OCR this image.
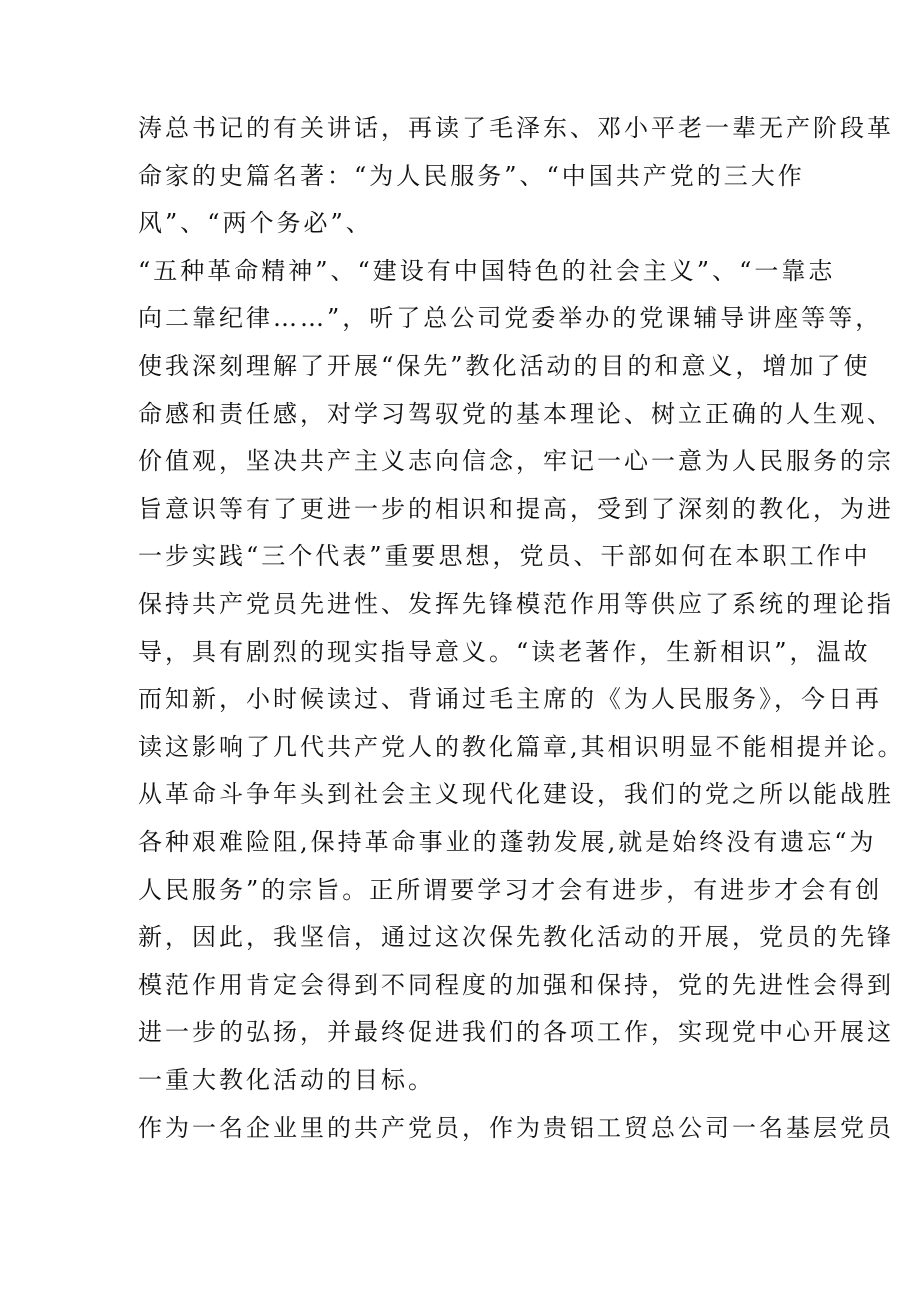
涛总书记的有关讲话，再读了毛泽东、邓小平老一辈无产阶段革
命家的史篇名著：“为人民服务”、“中国共产党的三大作
风”、“两个务必”、
“五种革命精神”、“建设有中国特色的社会主义”、“一靠志
向二靠纪律……”，听了总公司党委举办的党课辅导讲座等等，
使我深刻理解了开展“保先”教化活动的目的和意义，增加了使
命感和责任感，对学习驾驭党的基本理论、树立正确的人生观、
价值观，坚决共产主义志向信念，牢记一心一意为人民服务的宗
旨意识等有了更进一步的相识和提高，受到了深刻的教化，为进
一步实践“三个代表”重要思想，党员、干部如何在本职工作中
保持共产党员先进性、发挥先锋模范作用等供应了系统的理论指
导，具有剧烈的现实指导意义。“读老著作，生新相识”，温故
而知新，小时候读过、背诵过毛主席的《为人民服务》，今日再
读这影响了几代共产党人的教化篇章,其相识明显不能相提并论。
从革命斗争年头到社会主义现代化建设，我们的党之所以能战胜
各种艰难险阻,保持革命事业的蓬勃发展,就是始终没有遗忘“为
人民服务”的宗旨。正所谓要学习才会有进步，有进步才会有创
新，因此，我坚信，通过这次保先教化活动的开展，党员的先锋
模范作用肯定会得到不同程度的加强和保持，党的先进性会得到
进一步的弘扬，并最终促进我们的各项工作，实现党中心开展这
一重大教化活动的目标。
作为一名企业里的共产党员，作为贵铝工贸总公司一名基层党员
